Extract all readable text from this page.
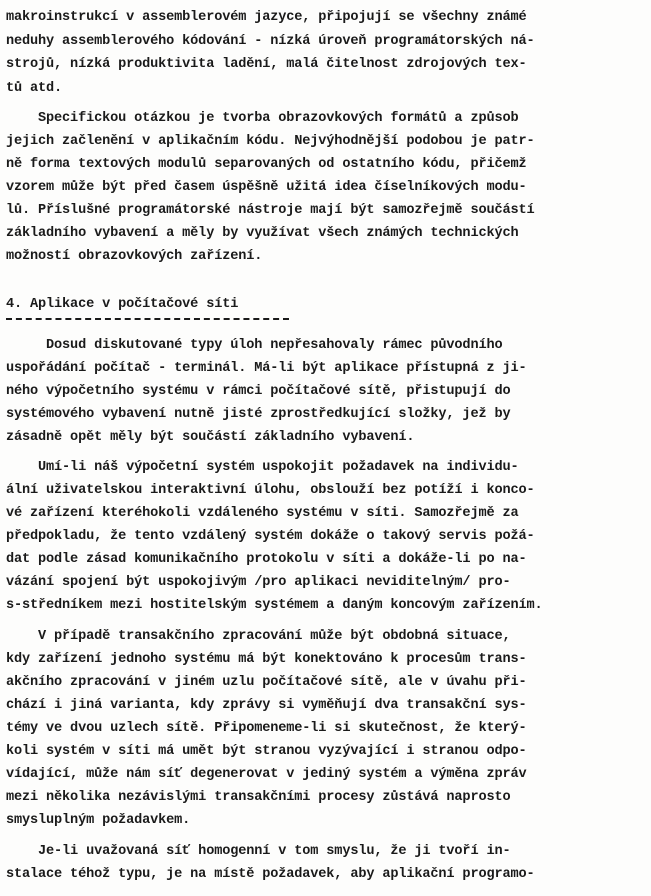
makroinstrukcí v assemblerovém jazyce, připojují se všechny známé
neduhy assemblerového kódování - nízká úroveň programátorských ná-
strojů, nízká produktivita ladění, malá čitelnost zdrojových tex-
tů atd.
Specifickou otázkou je tvorba obrazovkových formátů a způsob
jejich začlenění v aplikačním kódu. Nejvýhodnější podobou je patr-
ně forma textových modulů separovaných od ostatního kódu, přičemž
vzorem může být před časem úspěšně užitá idea číselníkových modu-
lů. Příslušné programátorské nástroje mají být samozřejmě součástí
základního vybavení a měly by využívat všech známých technických
možností obrazovkových zařízení.
4. Aplikace v počítačové síti
Dosud diskutované typy úloh nepřesahovaly rámec původního
uspořádání počítač - terminál. Má-li být aplikace přístupná z ji-
ného výpočetního systému v rámci počítačové sítě, přistupují do
systémového vybavení nutně jisté zprostředkující složky, jež by
zásadně opět měly být součástí základního vybavení.
Umí-li náš výpočetní systém uspokojit požadavek na individu-
ální uživatelskou interaktivní úlohu, obslouží bez potíží i konco-
vé zařízení kteréhokoli vzdáleného systému v síti. Samozřejmě za
předpokladu, že tento vzdálený systém dokáže o takový servis požá-
dat podle zásad komunikačního protokolu v síti a dokáže-li po na-
vázání spojení být uspokojivým /pro aplikaci neviditelným/ pro-
s-středníkem mezi hostitelským systémem a daným koncovým zařízením.
V případě transakčního zpracování může být obdobná situace,
kdy zařízení jednoho systému má být konektováno k procesům trans-
akčního zpracování v jiném uzlu počítačové sítě, ale v úvahu při-
chází i jiná varianta, kdy zprávy si vyměňují dva transakční sys-
témy ve dvou uzlech sítě. Připomeneme-li si skutečnost, že který-
koli systém v síti má umět být stranou vyzývající i stranou odpo-
vídající, může nám síť degenerovat v jediný systém a výměna zpráv
mezi několika nezávislými transakčními procesy zůstává naprosto
smysluplným požadavkem.
Je-li uvažovaná síť homogenní v tom smyslu, že ji tvoří in-
stalace téhož typu, je na místě požadavek, aby aplikační programo-
